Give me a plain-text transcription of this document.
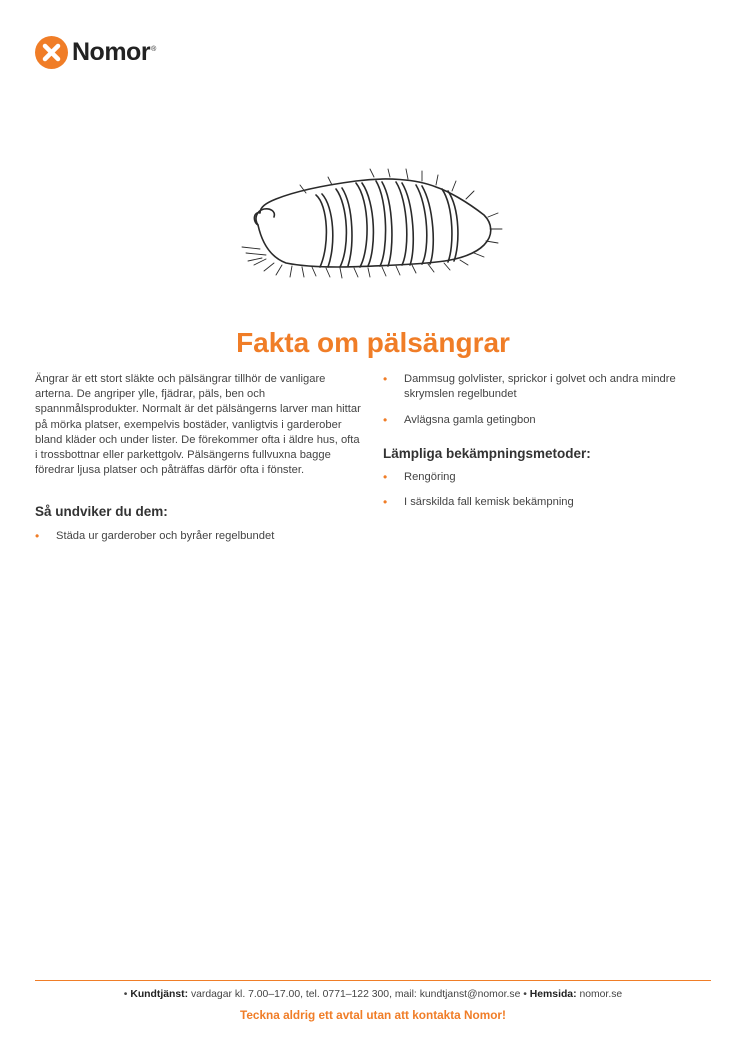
Nomor ®
Fakta om pälsängrar

Ängrar är ett stort släkte och pälsängrar tillhör de vanligare arterna. De angriper ylle, fjädrar, päls, ben och spannmålsprodukter. Normalt är det pälsängerns larver man hittar på mörka platser, exempelvis bostäder, vanligtvis i garderober bland kläder och under lister. De förekommer ofta i äldre hus, ofta i trossbottnar eller parkettgolv. Pälsängerns fullvuxna bagge föredrar ljusa platser och påträffas därför ofta i fönster.

Så undviker du dem:
• Städa ur garderober och byråer regelbundet
• Dammsug golvlister, sprickor i golvet och andra mindre skrymslen regelbundet
• Avlägsna gamla getingbon
Lämpliga bekämpningsmetoder:
• Rengöring
• I särskilda fall kemisk bekämpning
• Kundtjänst: vardagar kl. 7.00–17.00, tel. 0771–122 300, mail: kundtjanst@nomor.se • Hemsida: nomor.se
Teckna aldrig ett avtal utan att kontakta Nomor!
